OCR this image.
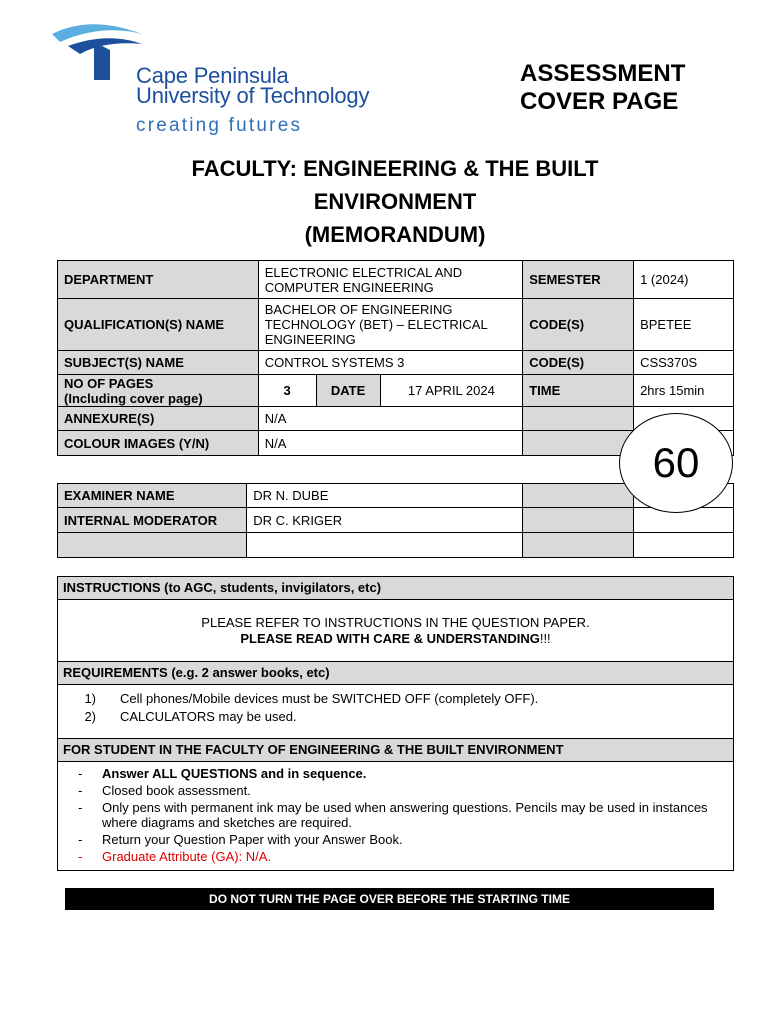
Cape Peninsula
University of Technology
creating futures
ASSESSMENT
COVER PAGE
FACULTY: ENGINEERING & THE BUILT
ENVIRONMENT
(MEMORANDUM)
DEPARTMENT	ELECTRONIC ELECTRICAL AND COMPUTER ENGINEERING			SEMESTER	1 (2024)
QUALIFICATION(S) NAME	BACHELOR OF ENGINEERING TECHNOLOGY (BET) – ELECTRICAL ENGINEERING			CODE(S)	BPETEE
SUBJECT(S) NAME	CONTROL SYSTEMS 3			CODE(S)	CSS370S

NO OF PAGES
(Including cover page)	3	DATE	17 APRIL 2024	TIME	2hrs 15min
ANNEXURE(S)	N/A				
COLOUR IMAGES (Y/N)	N/A				
EXAMINER NAME	DR N. DUBE		
INTERNAL MODERATOR	DR C. KRIGER		

60
INSTRUCTIONS (to AGC, students, invigilators, etc)
PLEASE REFER TO INSTRUCTIONS IN THE QUESTION PAPER.
PLEASE READ WITH CARE & UNDERSTANDING!!!
REQUIREMENTS (e.g. 2 answer books, etc)
1)	Cell phones/Mobile devices must be SWITCHED OFF (completely OFF).
2)	CALCULATORS may be used.
FOR STUDENT IN THE FACULTY OF ENGINEERING & THE BUILT ENVIRONMENT
-	Answer ALL QUESTIONS and in sequence.
-	Closed book assessment.
-	Only pens with permanent ink may be used when answering questions. Pencils may be used in instances where diagrams and sketches are required.
-	Return your Question Paper with your Answer Book.
-	Graduate Attribute (GA): N/A.
DO NOT TURN THE PAGE OVER BEFORE THE STARTING TIME
